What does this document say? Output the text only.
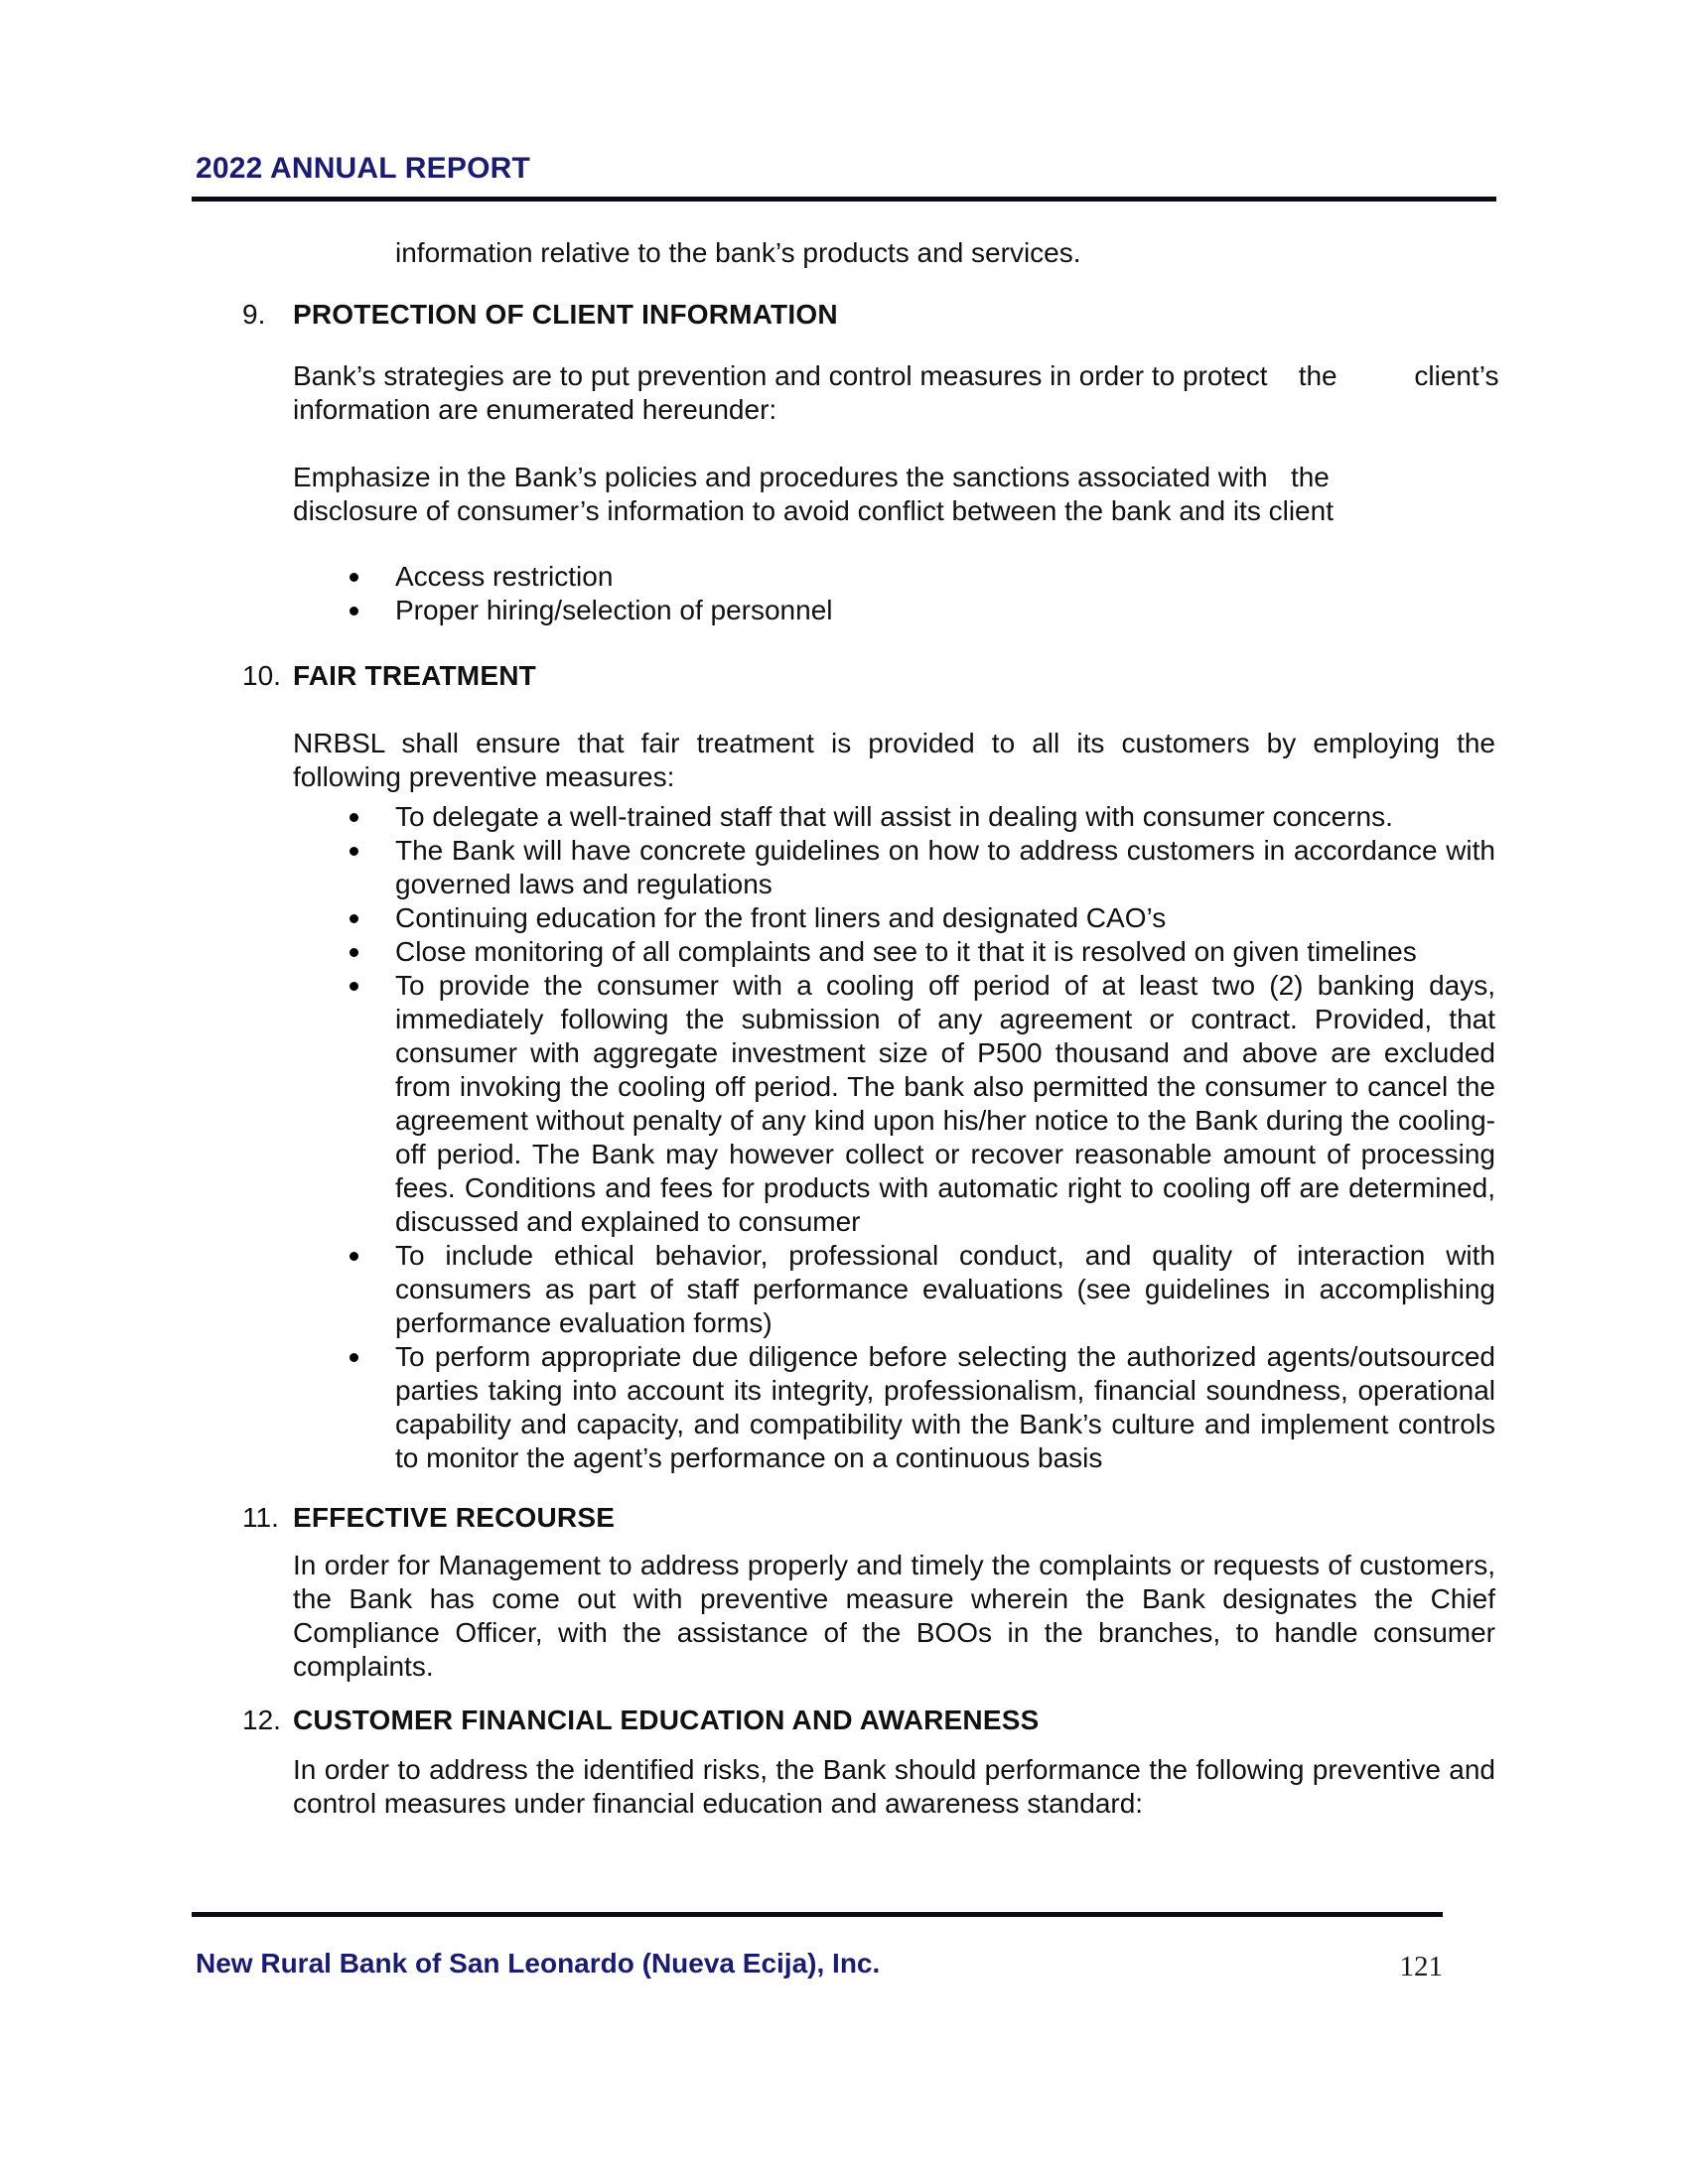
2022 ANNUAL REPORT
information relative to the bank’s products and services.
9. PROTECTION OF CLIENT INFORMATION
Bank’s strategies are to put prevention and control measures in order to protect    the          client’s
information are enumerated hereunder:
Emphasize in the Bank’s policies and procedures the sanctions associated with   the
disclosure of consumer’s information to avoid conflict between the bank and its client
Access restriction
Proper hiring/selection of personnel
10. FAIR TREATMENT
NRBSL shall ensure that fair treatment is provided to all its customers by employing the
following preventive measures:
To delegate a well-trained staff that will assist in dealing with consumer concerns.
The Bank will have concrete guidelines on how to address customers in accordance with
governed laws and regulations
Continuing education for the front liners and designated CAO’s
Close monitoring of all complaints and see to it that it is resolved on given timelines
To provide the consumer with a cooling off period of at least two (2) banking days,
immediately following the submission of any agreement or contract. Provided, that
consumer with aggregate investment size of P500 thousand and above are excluded
from invoking the cooling off period. The bank also permitted the consumer to cancel the
agreement without penalty of any kind upon his/her notice to the Bank during the cooling-
off period. The Bank may however collect or recover reasonable amount of processing
fees. Conditions and fees for products with automatic right to cooling off are determined,
discussed and explained to consumer
To include ethical behavior, professional conduct, and quality of interaction with
consumers as part of staff performance evaluations (see guidelines in accomplishing
performance evaluation forms)
To perform appropriate due diligence before selecting the authorized agents/outsourced
parties taking into account its integrity, professionalism, financial soundness, operational
capability and capacity, and compatibility with the Bank’s culture and implement controls
to monitor the agent’s performance on a continuous basis
11. EFFECTIVE RECOURSE
In order for Management to address properly and timely the complaints or requests of customers,
the Bank has come out with preventive measure wherein the Bank designates the Chief
Compliance Officer, with the assistance of the BOOs in the branches, to handle consumer
complaints.
12. CUSTOMER FINANCIAL EDUCATION AND AWARENESS
In order to address the identified risks, the Bank should performance the following preventive and
control measures under financial education and awareness standard:
New Rural Bank of San Leonardo (Nueva Ecija), Inc.	121
